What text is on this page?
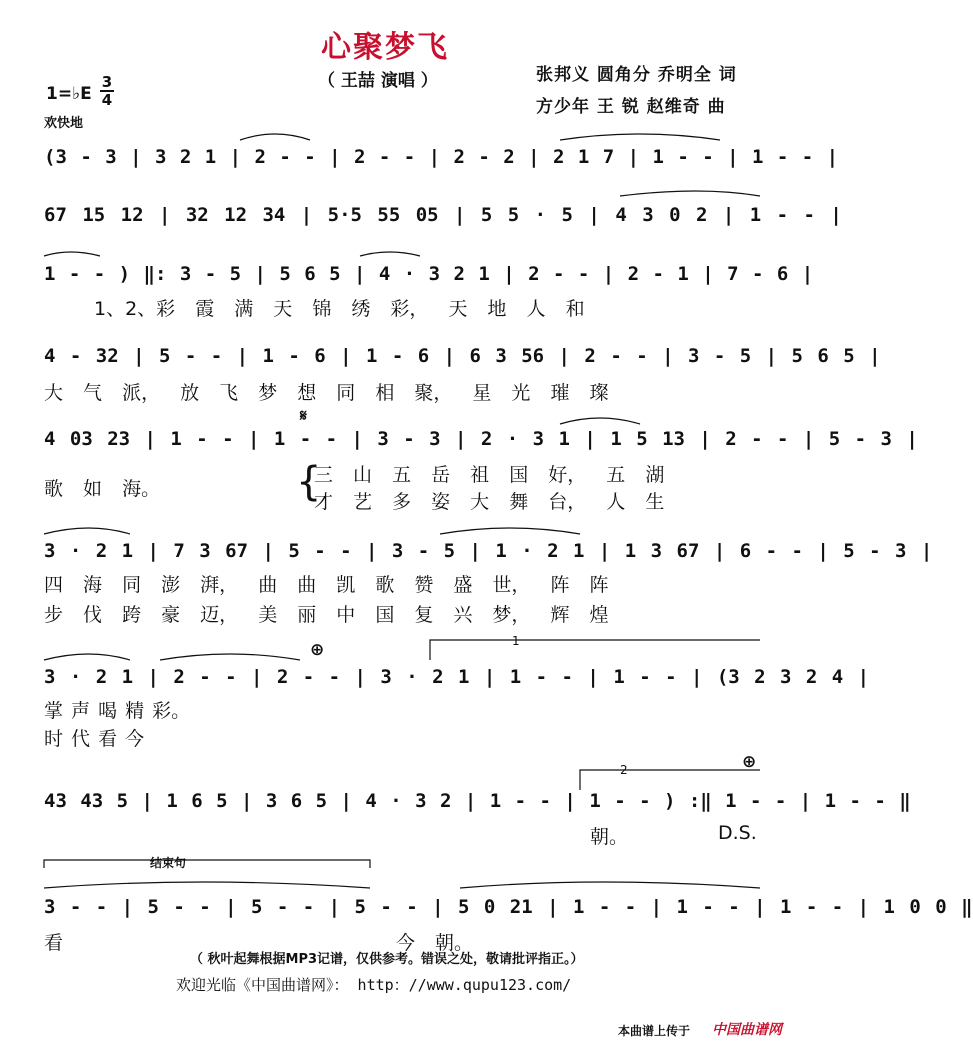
心聚梦飞
（ 王喆 演唱 ）	张邦义 圆角分 乔明全 词
方少年 王 锐 赵维奇 曲
1=♭E
3
4
欢快地
(3 - 3 | 3 2 1 | 2 - - | 2 - - | 2 - 2 | 2 1 7 | 1 - - | 1 - - |
67 15 12 | 32 12 34 | 5·5 55 05 | 5 5 · 5 | 4 3 0 2 | 1 - - |
1 - - ) ‖: 3 - 5 | 5 6 5 | 4 · 3 2 1 | 2 - - | 2 - 1 | 7 - 6 |
1、2、彩 霞 满 天 锦 绣 彩， 天 地 人 和
4 - 32 | 5 - - | 1 - 6 | 1 - 6 | 6 3 56 | 2 - - | 3 - 5 | 5 6 5 |
大 气 派， 放 飞 梦 想 同 相 聚， 星 光 璀 璨
𝄋
4 03 23 | 1 - - | 1 - - | 3 - 3 | 2 · 3 1 | 1 5 13 | 2 - - | 5 - 3 |
歌 如 海。	{
三 山 五 岳 祖 国 好， 五 湖
才 艺 多 姿 大 舞 台， 人 生
3 · 2 1 | 7 3 67 | 5 - - | 3 - 5 | 1 · 2 1 | 1 3 67 | 6 - - | 5 - 3 |
四 海 同 澎 湃， 曲 曲 凯 歌 赞 盛 世， 阵 阵
步 伐 跨 豪 迈， 美 丽 中 国 复 兴 梦， 辉 煌
⊕	1
3 · 2 1 | 2 - - | 2 - - | 3 · 2 1 | 1 - - | 1 - - | (3 2 3 2 4 |
掌 声 喝 精 彩。
时 代 看 今
2	⊕
43 43 5 | 1 6 5 | 3 6 5 | 4 · 3 2 | 1 - - | 1 - - ) :‖ 1 - - | 1 - - ‖
朝。	D.S.
结束句
3 - - | 5 - - | 5 - - | 5 - - | 5 0 21 | 1 - - | 1 - - | 1 - - | 1 0 0 ‖
看	今 朝。
（ 秋叶起舞根据MP3记谱，仅供参考。错误之处，敬请批评指正。）
欢迎光临《中国曲谱网》： http：//www.qupu123.com/
本曲谱上传于 中国曲谱网
